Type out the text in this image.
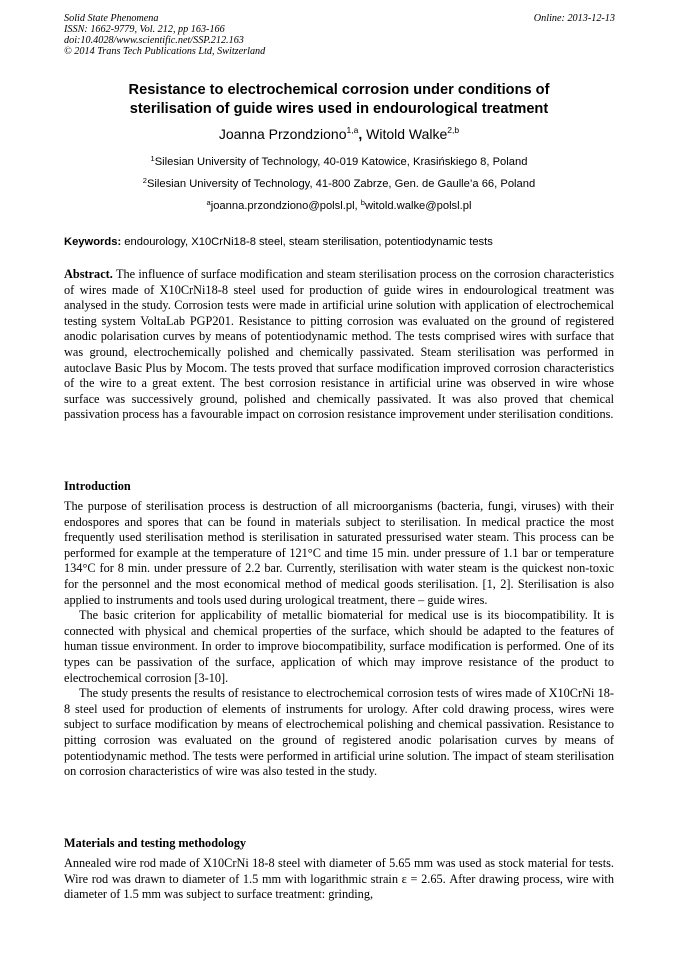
Solid State Phenomena
ISSN: 1662-9779, Vol. 212, pp 163-166
doi:10.4028/www.scientific.net/SSP.212.163
© 2014 Trans Tech Publications Ltd, Switzerland
Online: 2013-12-13
Resistance to electrochemical corrosion under conditions of
sterilisation of guide wires used in endourological treatment
Joanna Przondziono$^{1,a}$, Witold Walke$^{2,b}$
$^1$Silesian University of Technology, 40-019 Katowice, Krasińskiego 8, Poland
$^2$Silesian University of Technology, 41-800 Zabrze, Gen. de Gaulle’a 66, Poland
$^a$joanna.przondziono@polsl.pl, $^b$witold.walke@polsl.pl
Keywords: endourology, X10CrNi18-8 steel, steam sterilisation, potentiodynamic tests
Abstract. The influence of surface modification and steam sterilisation process on the corrosion characteristics of wires made of X10CrNi18-8 steel used for production of guide wires in endourological treatment was analysed in the study. Corrosion tests were made in artificial urine solution with application of electrochemical testing system VoltaLab PGP201. Resistance to pitting corrosion was evaluated on the ground of registered anodic polarisation curves by means of potentiodynamic method. The tests comprised wires with surface that was ground, electrochemically polished and chemically passivated. Steam sterilisation was performed in autoclave Basic Plus by Mocom. The tests proved that surface modification improved corrosion characteristics of the wire to a great extent. The best corrosion resistance in artificial urine was observed in wire whose surface was successively ground, polished and chemically passivated. It was also proved that chemical passivation process has a favourable impact on corrosion resistance improvement under sterilisation conditions.
Introduction

The purpose of sterilisation process is destruction of all microorganisms (bacteria, fungi, viruses) with their endospores and spores that can be found in materials subject to sterilisation. In medical practice the most frequently used sterilisation method is sterilisation in saturated pressurised water steam. This process can be performed for example at the temperature of 121°C and time 15 min. under pressure of 1.1 bar or temperature 134°C for 8 min. under pressure of 2.2 bar. Currently, sterilisation with water steam is the quickest non-toxic for the personnel and the most economical method of medical goods sterilisation. [1, 2]. Sterilisation is also applied to instruments and tools used during urological treatment, there – guide wires.

The basic criterion for applicability of metallic biomaterial for medical use is its biocompatibility. It is connected with physical and chemical properties of the surface, which should be adapted to the features of human tissue environment. In order to improve biocompatibility, surface modification is performed. One of its types can be passivation of the surface, application of which may improve resistance of the product to electrochemical corrosion [3-10].

The study presents the results of resistance to electrochemical corrosion tests of wires made of X10CrNi 18-8 steel used for production of elements of instruments for urology. After cold drawing process, wires were subject to surface modification by means of electrochemical polishing and chemical passivation. Resistance to pitting corrosion was evaluated on the ground of registered anodic polarisation curves by means of potentiodynamic method. The tests were performed in artificial urine solution. The impact of steam sterilisation on corrosion characteristics of wire was also tested in the study.

Materials and testing methodology

Annealed wire rod made of X10CrNi 18-8 steel with diameter of 5.65 mm was used as stock material for tests. Wire rod was drawn to diameter of 1.5 mm with logarithmic strain ε = 2.65. After drawing process, wire with diameter of 1.5 mm was subject to surface treatment: grinding,
